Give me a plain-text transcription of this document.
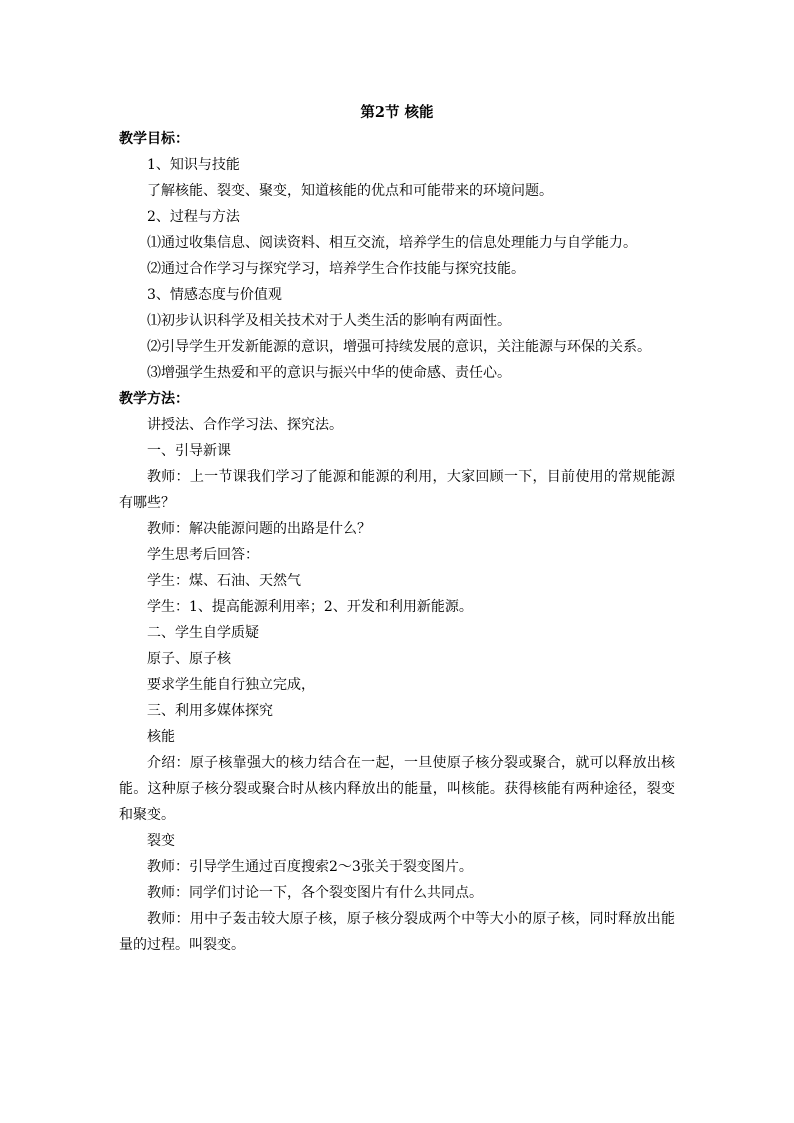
第2节 核能

教学目标：

1、知识与技能

了解核能、裂变、聚变，知道核能的优点和可能带来的环境问题。

2、过程与方法

⑴通过收集信息、阅读资料、相互交流，培养学生的信息处理能力与自学能力。

⑵通过合作学习与探究学习，培养学生合作技能与探究技能。

3、情感态度与价值观

⑴初步认识科学及相关技术对于人类生活的影响有两面性。

⑵引导学生开发新能源的意识，增强可持续发展的意识，关注能源与环保的关系。

⑶增强学生热爱和平的意识与振兴中华的使命感、责任心。

教学方法：

讲授法、合作学习法、探究法。

一、引导新课

教师：上一节课我们学习了能源和能源的利用，大家回顾一下，目前使用的常规能源有哪些？

教师：解决能源问题的出路是什么？

学生思考后回答：

学生：煤、石油、天然气

学生：1、提高能源利用率；2、开发和利用新能源。

二、学生自学质疑

原子、原子核

要求学生能自行独立完成，

三、利用多媒体探究

核能

介绍：原子核靠强大的核力结合在一起，一旦使原子核分裂或聚合，就可以释放出核能。这种原子核分裂或聚合时从核内释放出的能量，叫核能。获得核能有两种途径，裂变和聚变。

裂变

教师：引导学生通过百度搜索2～3张关于裂变图片。

教师：同学们讨论一下，各个裂变图片有什么共同点。

教师：用中子轰击较大原子核，原子核分裂成两个中等大小的原子核，同时释放出能量的过程。叫裂变。
